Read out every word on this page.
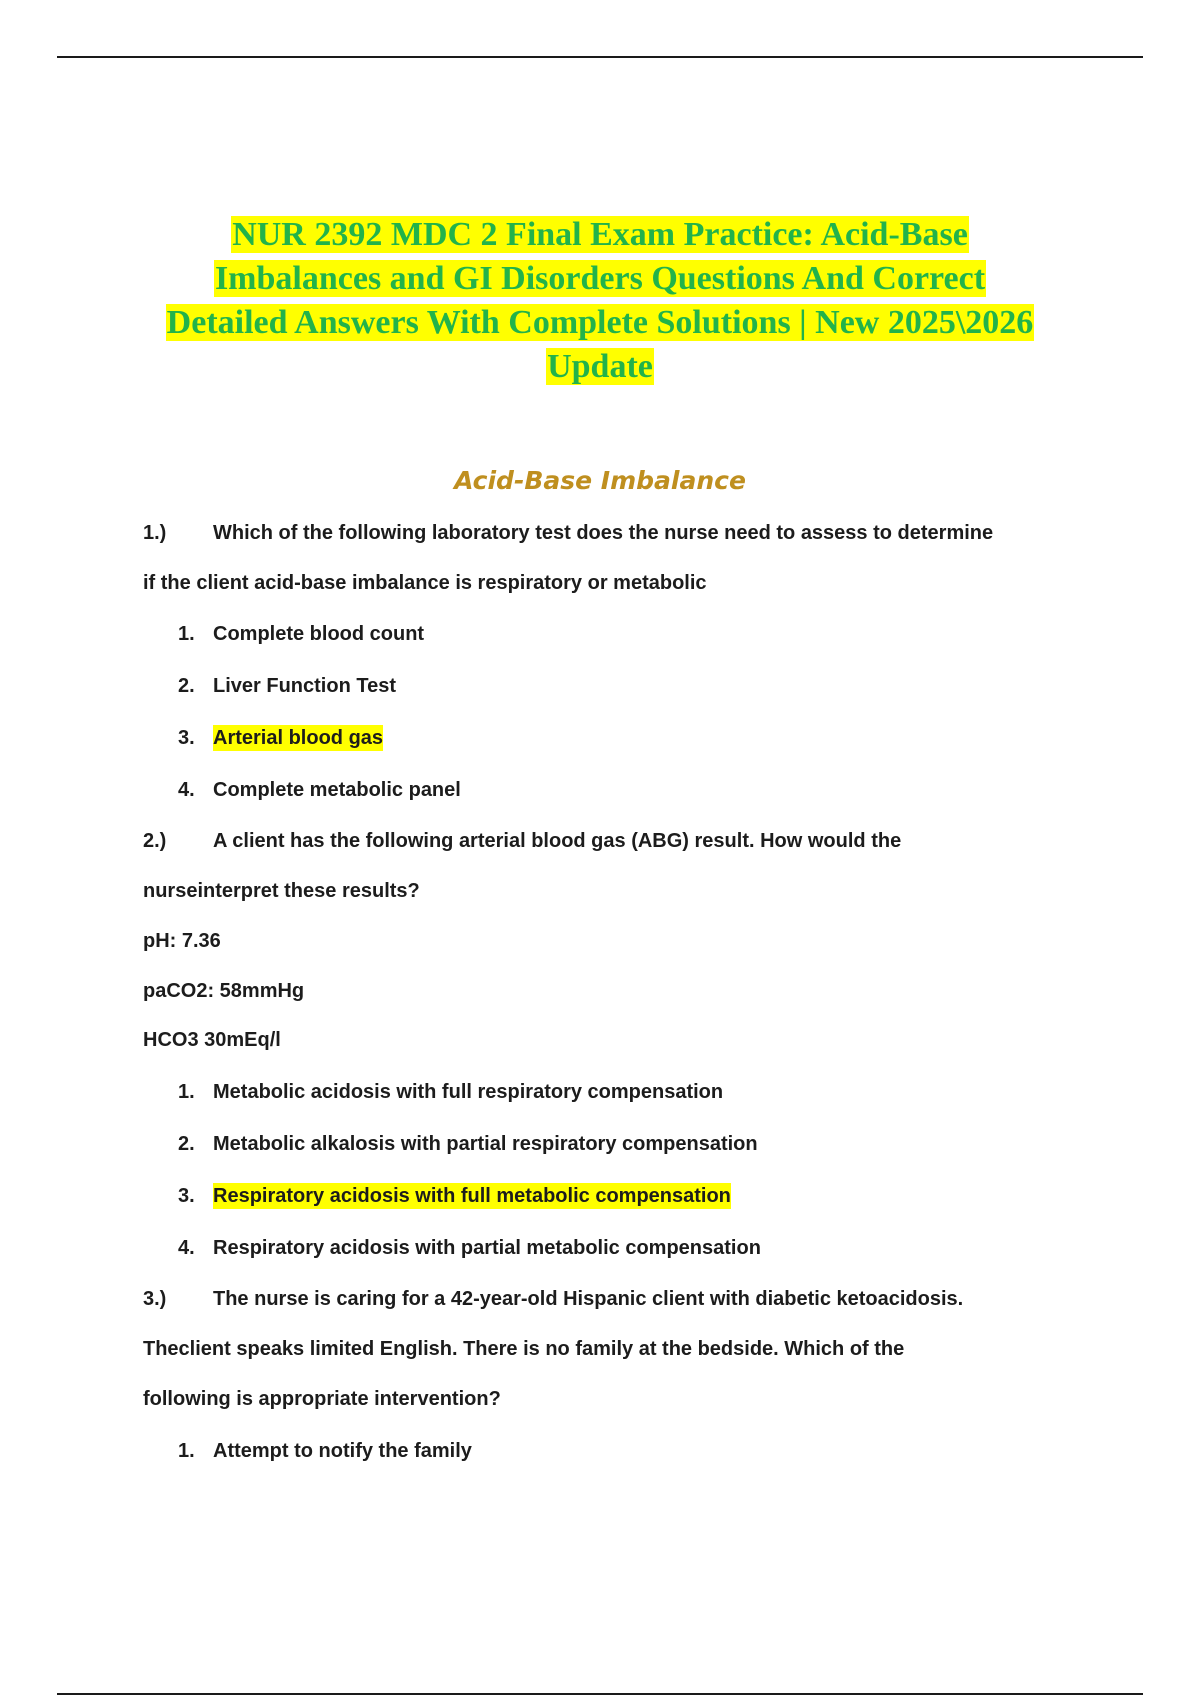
NUR 2392 MDC 2 Final Exam Practice: Acid-Base
Imbalances and GI Disorders Questions And Correct
Detailed Answers With Complete Solutions | New 2025\2026
Update
Acid-Base Imbalance
1.) Which of the following laboratory test does the nurse need to assess to determine
if the client acid-base imbalance is respiratory or metabolic
1. Complete blood count
2. Liver Function Test
3. Arterial blood gas
4. Complete metabolic panel
2.) A client has the following arterial blood gas (ABG) result. How would the
nurseinterpret these results?
pH: 7.36
paCO2: 58mmHg
HCO3 30mEq/l
1. Metabolic acidosis with full respiratory compensation
2. Metabolic alkalosis with partial respiratory compensation
3. Respiratory acidosis with full metabolic compensation
4. Respiratory acidosis with partial metabolic compensation
3.) The nurse is caring for a 42-year-old Hispanic client with diabetic ketoacidosis.
Theclient speaks limited English. There is no family at the bedside. Which of the
following is appropriate intervention?
1. Attempt to notify the family
